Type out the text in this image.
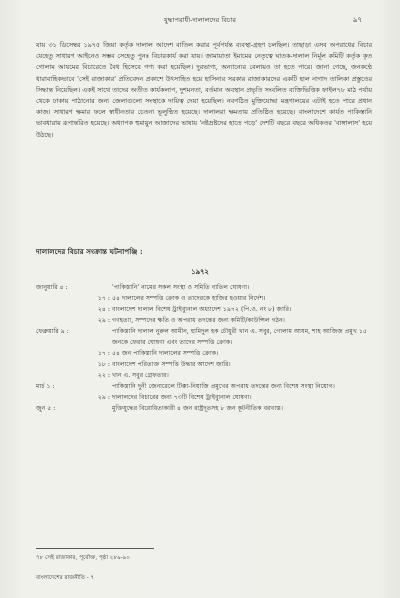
যুদ্ধাপরাধী-দালালদের বিচার	৯৭

যায় ৩১ ডিসেম্বর ১৯৭৫ জিয়া কর্তৃক দালাল আদেশ বাতিল করার পূর্বপর্যন্ত ব্যবস্থা-গ্রহণ চলছিল। তাছাড়া এসব অপরাধের বিচার যেহেতু সাধারণ আইনেও সম্ভব সেহেতু পুনঃ বিচারকার্য করা যায়। জামায়াতা ইমামের নেতৃত্বে ঘাতক-দালাল নির্মূল কমিটি কর্তৃক কৃত গোলাম আযমের বিচারেতে বৈধ হিসেবে গণ্য করা হয়েছিল। দুরভাগ্য, অন্যান্যের বেলায়ও তা হতে পারে। জানা গেছে, জনকণ্ঠে ধারাবাহিকভাবে 'সেই রাজাকার' প্রতিবেদন প্রকাশে উৎসাহিত হয়ে হাসিনার সরকার রাজাকারদের একটি হাল নাগাদ তালিকা প্রস্তুতের সিদ্ধান্ত নিয়েছিল। একই সাথে তাদের অতীত কার্যকলাপ, দুশমনতা, বর্তমান অবস্থান প্রভৃতি সংবলিত ব্যক্তিভিত্তিক ফাইল৭৮ মাঠ পর্যায় থেকে ঢাকায় পাঠানোর জন্য জেলাগুলো সংস্থাকে দায়িত্ব দেয়া হয়েছিল। নবগঠিত মুক্তিযোদ্ধা মন্ত্রণালয়ের এটাই হতে পারে প্রধান কাজ। সাধারণ ক্ষমার ফলে স্বাধীনতার চেতনা ভূলুণ্ঠিত হয়েছে। দালালরা ক্ষমতায় প্রতিষ্ঠিত হয়েছে। বাংলাদেশে কার্যত পাকিস্তানি ভাবধারায় রূপান্তরিত হয়েছে। অধ্যাপক হুমায়ুন আজাদের ভাষায় 'নষ্টভ্রষ্টদের হাতে পড়ে' দেশটি বছরে বছরে অধিকতর 'বাঙ্গালাস' হয়ে উঠছে।

দালালদের বিচার সংক্রান্ত ঘটনাপঞ্জি :
১৯৭২
জানুয়ারি ৪ :	'পাকিস্তানি' নামের সকল সংস্থা ও সমিতি বাতিল ঘোষণা।
১৭ : ৫৪ দালালের সম্পত্তি ক্রোক ও তাদেরকে হাজির হওয়ার নির্দেশ।
২৪ : বাংলাদেশ দালাল বিশেষ ট্রাইব্যুনাল অধ্যাদেশ ১৯৭২ (পি.ও. নং ৮) জারি।
২৯ : গণহত্যা, সম্পদের ক্ষতি ও অপরাধ তদন্তের জন্য কমিটি/কাউন্সিল গঠন।
ফেব্রুয়ারি ৯ :	পাকিস্তানি দালাল নুরুল আমীন, হামিদুল হক চৌধুরী খান এ. সবুর, গোলাম আযম, শাহ আজিজ প্রমুখ ১৫ জনকে ফেরার ঘোষণা এবং তাদের সম্পত্তি ক্রোক।
১৭ : ৫৪ জন পাকিস্তানি দালালের সম্পত্তি ক্রোক।
১৮ : বাংলাদেশ পরিত্যক্ত সম্পত্তি উদ্ধার আদেশ জারি।
২২ : খান এ. সবুর গ্রেফতার।
মার্চ ১ :	পাকিস্তানি দুনী জেনারেলে টিক্কা-নিয়াজি প্রমুখের অপরাধ তদন্তের জন্য বিশেষ সংস্থা নিয়োগ।
২৯ : দালালদের বিচারের জন্য ৭৩টি বিশেষ ট্রাইব্যুনাল ঘোষণা।
জুন ৫ :	মুক্তিযুদ্ধের বিরোধিতাকারী ৪ জন রাষ্ট্রদূতসহ ৮ জন কূটনীতিক বরখাস্ত।
৭৮ সেই রাজাকার, পূর্বোক্ত, পৃষ্ঠা ২৮৯-৯০
বাংলাদেশের রাজনীতি - ৭
